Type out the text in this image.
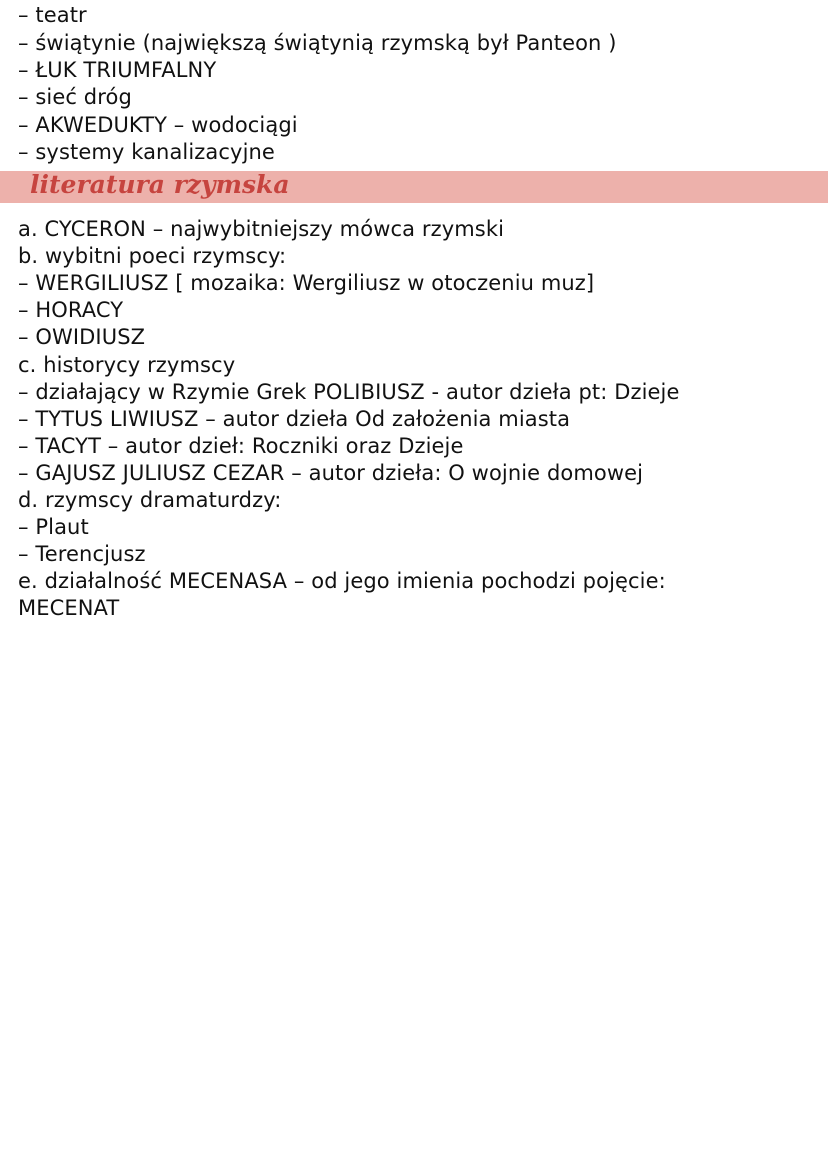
– teatr
– świątynie (największą świątynią rzymską był Panteon )
– ŁUK TRIUMFALNY
– sieć dróg
– AKWEDUKTY – wodociągi
– systemy kanalizacyjne
literatura rzymska
a. CYCERON – najwybitniejszy mówca rzymski
b. wybitni poeci rzymscy:
– WERGILIUSZ [ mozaika: Wergiliusz w otoczeniu muz]
– HORACY
– OWIDIUSZ
c. historycy rzymscy
– działający w Rzymie Grek POLIBIUSZ - autor dzieła pt: Dzieje
– TYTUS LIWIUSZ – autor dzieła Od założenia miasta
– TACYT – autor dzieł: Roczniki oraz Dzieje
– GAJUSZ JULIUSZ CEZAR – autor dzieła: O wojnie domowej
d. rzymscy dramaturdzy:
– Plaut
– Terencjusz
e. działalność MECENASA – od jego imienia pochodzi pojęcie:
MECENAT
